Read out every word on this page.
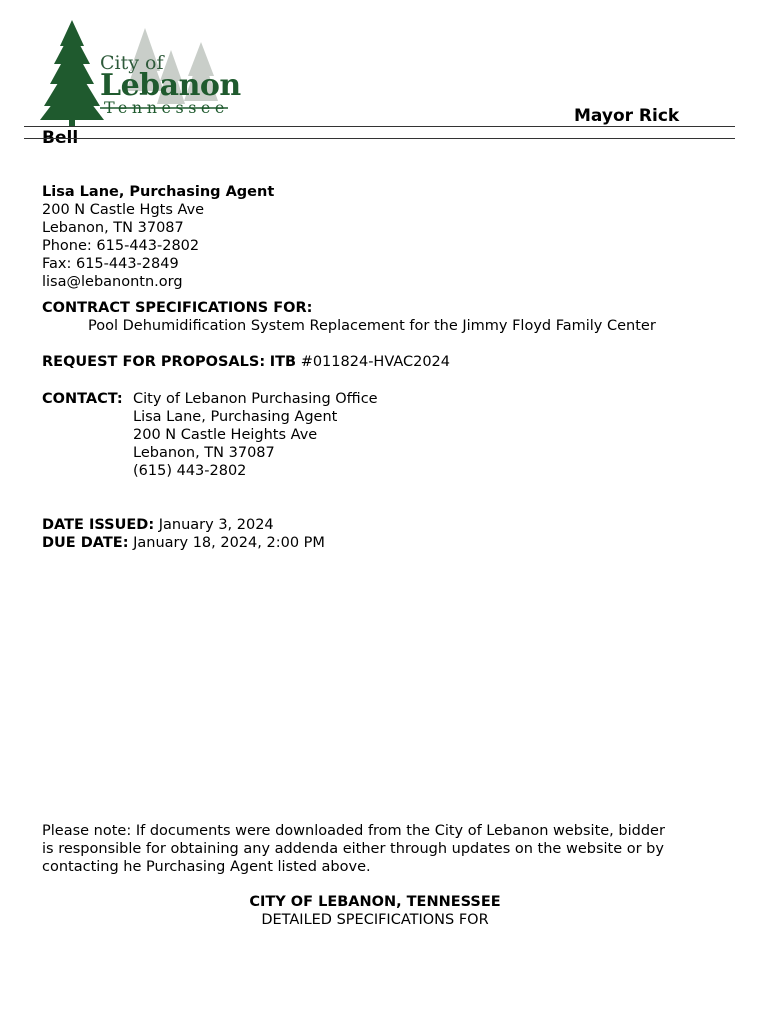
City of
Lebanon
Tennessee	Mayor Rick
Bell
Lisa Lane, Purchasing Agent
200 N Castle Hgts Ave
Lebanon, TN 37087
Phone: 615-443-2802
Fax: 615-443-2849
lisa@lebanontn.org
CONTRACT SPECIFICATIONS FOR:
Pool Dehumidification System Replacement for the Jimmy Floyd Family Center
REQUEST FOR PROPOSALS: ITB #011824-HVAC2024
CONTACT: City of Lebanon Purchasing Office
Lisa Lane, Purchasing Agent
200 N Castle Heights Ave
Lebanon, TN 37087
(615) 443-2802
DATE ISSUED: January 3, 2024
DUE DATE: January 18, 2024, 2:00 PM
Please note: If documents were downloaded from the City of Lebanon website, bidder
is responsible for obtaining any addenda either through updates on the website or by
contacting he Purchasing Agent listed above.
CITY OF LEBANON, TENNESSEE
DETAILED SPECIFICATIONS FOR
